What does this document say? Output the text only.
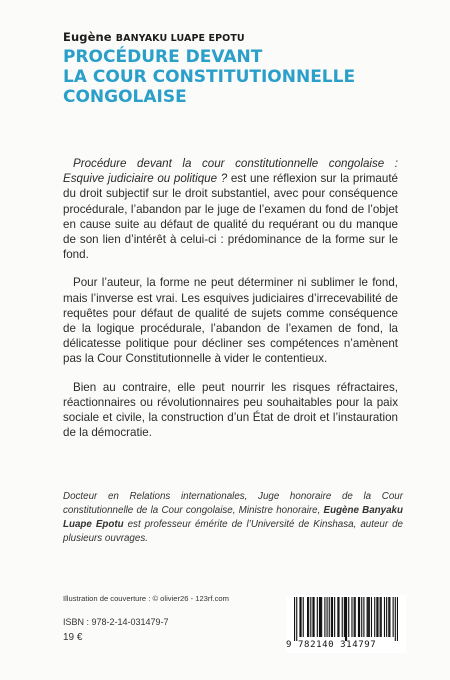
Eugène BANYAKU LUAPE EPOTU
PROCÉDURE DEVANT
LA COUR CONSTITUTIONNELLE
CONGOLAISE

Procédure devant la cour constitutionnelle congolaise : Esquive judiciaire ou politique ? est une réflexion sur la primauté du droit subjectif sur le droit substantiel, avec pour conséquence procédurale, l’abandon par le juge de l’examen du fond de l’objet en cause suite au défaut de qualité du requérant ou du manque de son lien d’intérêt à celui-ci : prédominance de la forme sur le fond.

Pour l’auteur, la forme ne peut déterminer ni sublimer le fond, mais l’inverse est vrai. Les esquives judiciaires d’irrecevabilité de requêtes pour défaut de qualité de sujets comme conséquence de la logique procédurale, l’abandon de l’examen de fond, la délicatesse politique pour décliner ses compétences n’amènent pas la Cour Constitutionnelle à vider le contentieux.

Bien au contraire, elle peut nourrir les risques réfractaires, réactionnaires ou révolutionnaires peu souhaitables pour la paix sociale et civile, la construction d’un État de droit et l’instauration de la démocratie.

Docteur en Relations internationales, Juge honoraire de la Cour constitutionnelle de la Cour congolaise, Ministre honoraire, Eugène Banyaku Luape Epotu est professeur émérite de l’Université de Kinshasa, auteur de plusieurs ouvrages.
Illustration de couverture : © olivier26 - 123rf.com
ISBN : 978-2-14-031479-7
19 €
9 782140 314797
